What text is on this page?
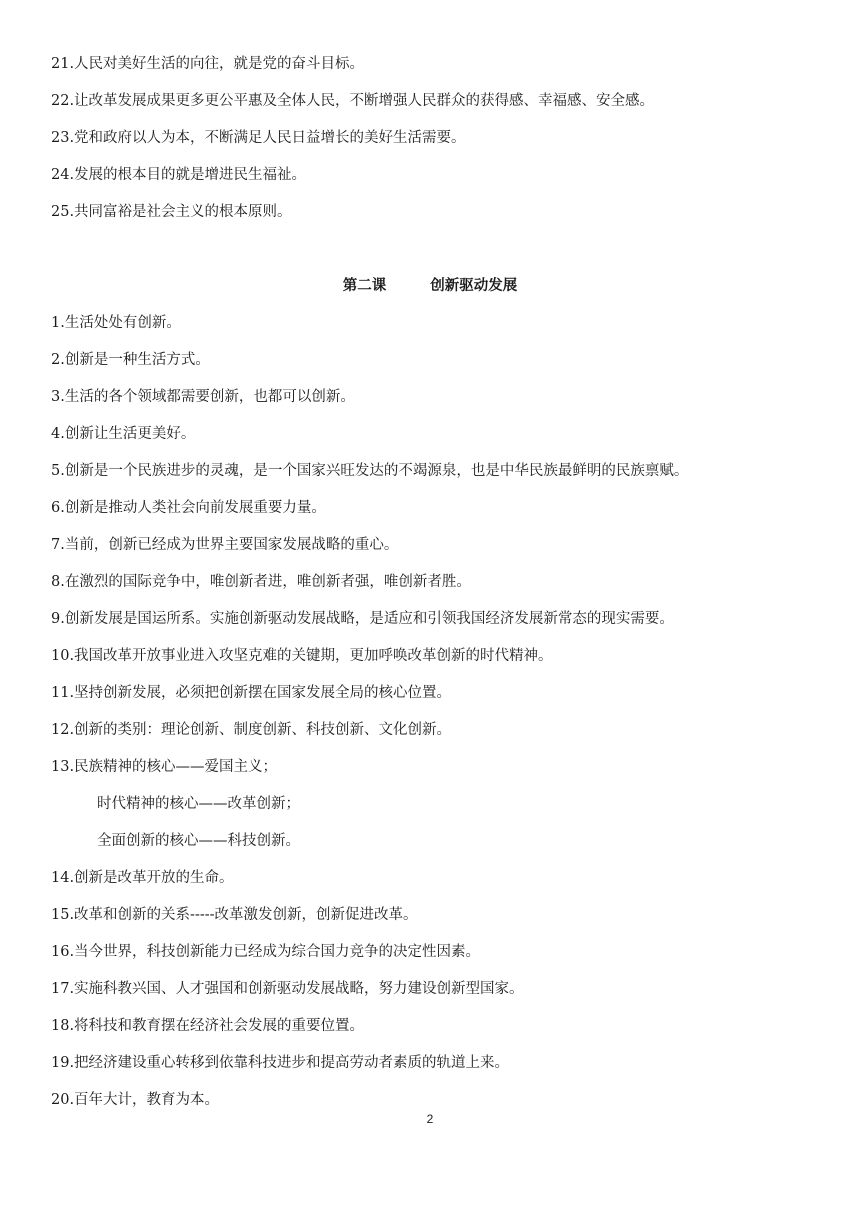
21.人民对美好生活的向往，就是党的奋斗目标。
22.让改革发展成果更多更公平惠及全体人民，不断增强人民群众的获得感、幸福感、安全感。
23.党和政府以人为本，不断满足人民日益增长的美好生活需要。
24.发展的根本目的就是增进民生福祉。
25.共同富裕是社会主义的根本原则。
第二课	创新驱动发展
1.生活处处有创新。
2.创新是一种生活方式。
3.生活的各个领域都需要创新，也都可以创新。
4.创新让生活更美好。
5.创新是一个民族进步的灵魂，是一个国家兴旺发达的不竭源泉，也是中华民族最鲜明的民族禀赋。
6.创新是推动人类社会向前发展重要力量。
7.当前，创新已经成为世界主要国家发展战略的重心。
8.在激烈的国际竞争中，唯创新者进，唯创新者强，唯创新者胜。
9.创新发展是国运所系。实施创新驱动发展战略，是适应和引领我国经济发展新常态的现实需要。
10.我国改革开放事业进入攻坚克难的关键期，更加呼唤改革创新的时代精神。
11.坚持创新发展，必须把创新摆在国家发展全局的核心位置。
12.创新的类别：理论创新、制度创新、科技创新、文化创新。
13.民族精神的核心——爱国主义；
时代精神的核心——改革创新；
全面创新的核心——科技创新。
14.创新是改革开放的生命。
15.改革和创新的关系-----改革激发创新，创新促进改革。
16.当今世界，科技创新能力已经成为综合国力竞争的决定性因素。
17.实施科教兴国、人才强国和创新驱动发展战略，努力建设创新型国家。
18.将科技和教育摆在经济社会发展的重要位置。
19.把经济建设重心转移到依靠科技进步和提高劳动者素质的轨道上来。
20.百年大计，教育为本。
2
